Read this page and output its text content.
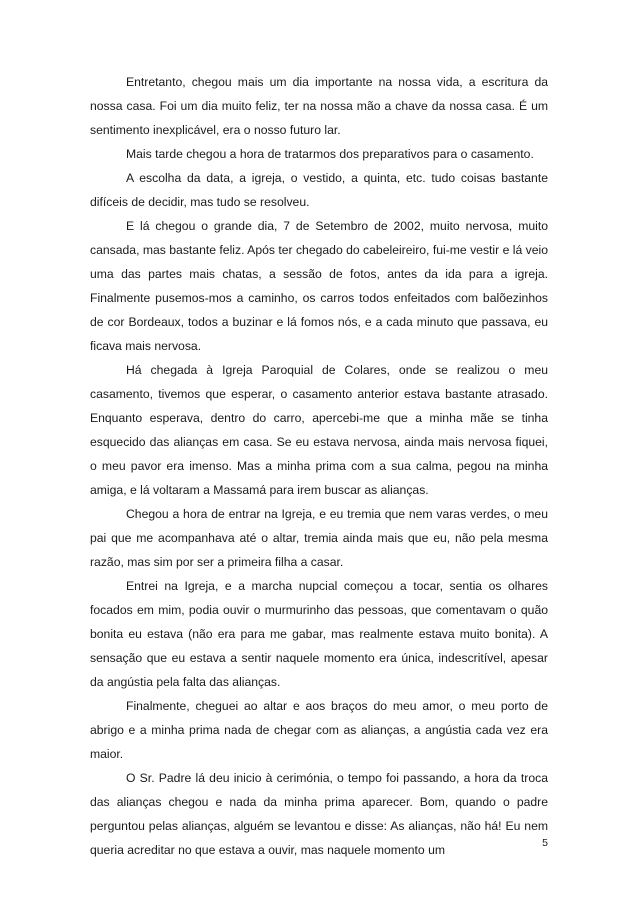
Entretanto, chegou mais um dia importante na nossa vida, a escritura da nossa casa. Foi um dia muito feliz, ter na nossa mão a chave da nossa casa. É um sentimento inexplicável, era o nosso futuro lar.

Mais tarde chegou a hora de tratarmos dos preparativos para o casamento.

A escolha da data, a igreja, o vestido, a quinta, etc. tudo coisas bastante difíceis de decidir, mas tudo se resolveu.

E lá chegou o grande dia, 7 de Setembro de 2002, muito nervosa, muito cansada, mas bastante feliz. Após ter chegado do cabeleireiro, fui-me vestir e lá veio uma das partes mais chatas, a sessão de fotos, antes da ida para a igreja. Finalmente pusemos-mos a caminho, os carros todos enfeitados com balõezinhos de cor Bordeaux, todos a buzinar e lá fomos nós, e a cada minuto que passava, eu ficava mais nervosa.

Há chegada à Igreja Paroquial de Colares, onde se realizou o meu casamento, tivemos que esperar, o casamento anterior estava bastante atrasado. Enquanto esperava, dentro do carro, apercebi-me que a minha mãe se tinha esquecido das alianças em casa. Se eu estava nervosa, ainda mais nervosa fiquei, o meu pavor era imenso. Mas a minha prima com a sua calma, pegou na minha amiga, e lá voltaram a Massamá para irem buscar as alianças.

Chegou a hora de entrar na Igreja, e eu tremia que nem varas verdes, o meu pai que me acompanhava até o altar, tremia ainda mais que eu, não pela mesma razão, mas sim por ser a primeira filha a casar.

Entrei na Igreja, e a marcha nupcial começou a tocar, sentia os olhares focados em mim, podia ouvir o murmurinho das pessoas, que comentavam o quão bonita eu estava (não era para me gabar, mas realmente estava muito bonita). A sensação que eu estava a sentir naquele momento era única, indescritível, apesar da angústia pela falta das alianças.

Finalmente, cheguei ao altar e aos braços do meu amor, o meu porto de abrigo e a minha prima nada de chegar com as alianças, a angústia cada vez era maior.

O Sr. Padre lá deu inicio à cerimónia, o tempo foi passando, a hora da troca das alianças chegou e nada da minha prima aparecer. Bom, quando o padre perguntou pelas alianças, alguém se levantou e disse: As alianças, não há! Eu nem queria acreditar no que estava a ouvir, mas naquele momento um	5
